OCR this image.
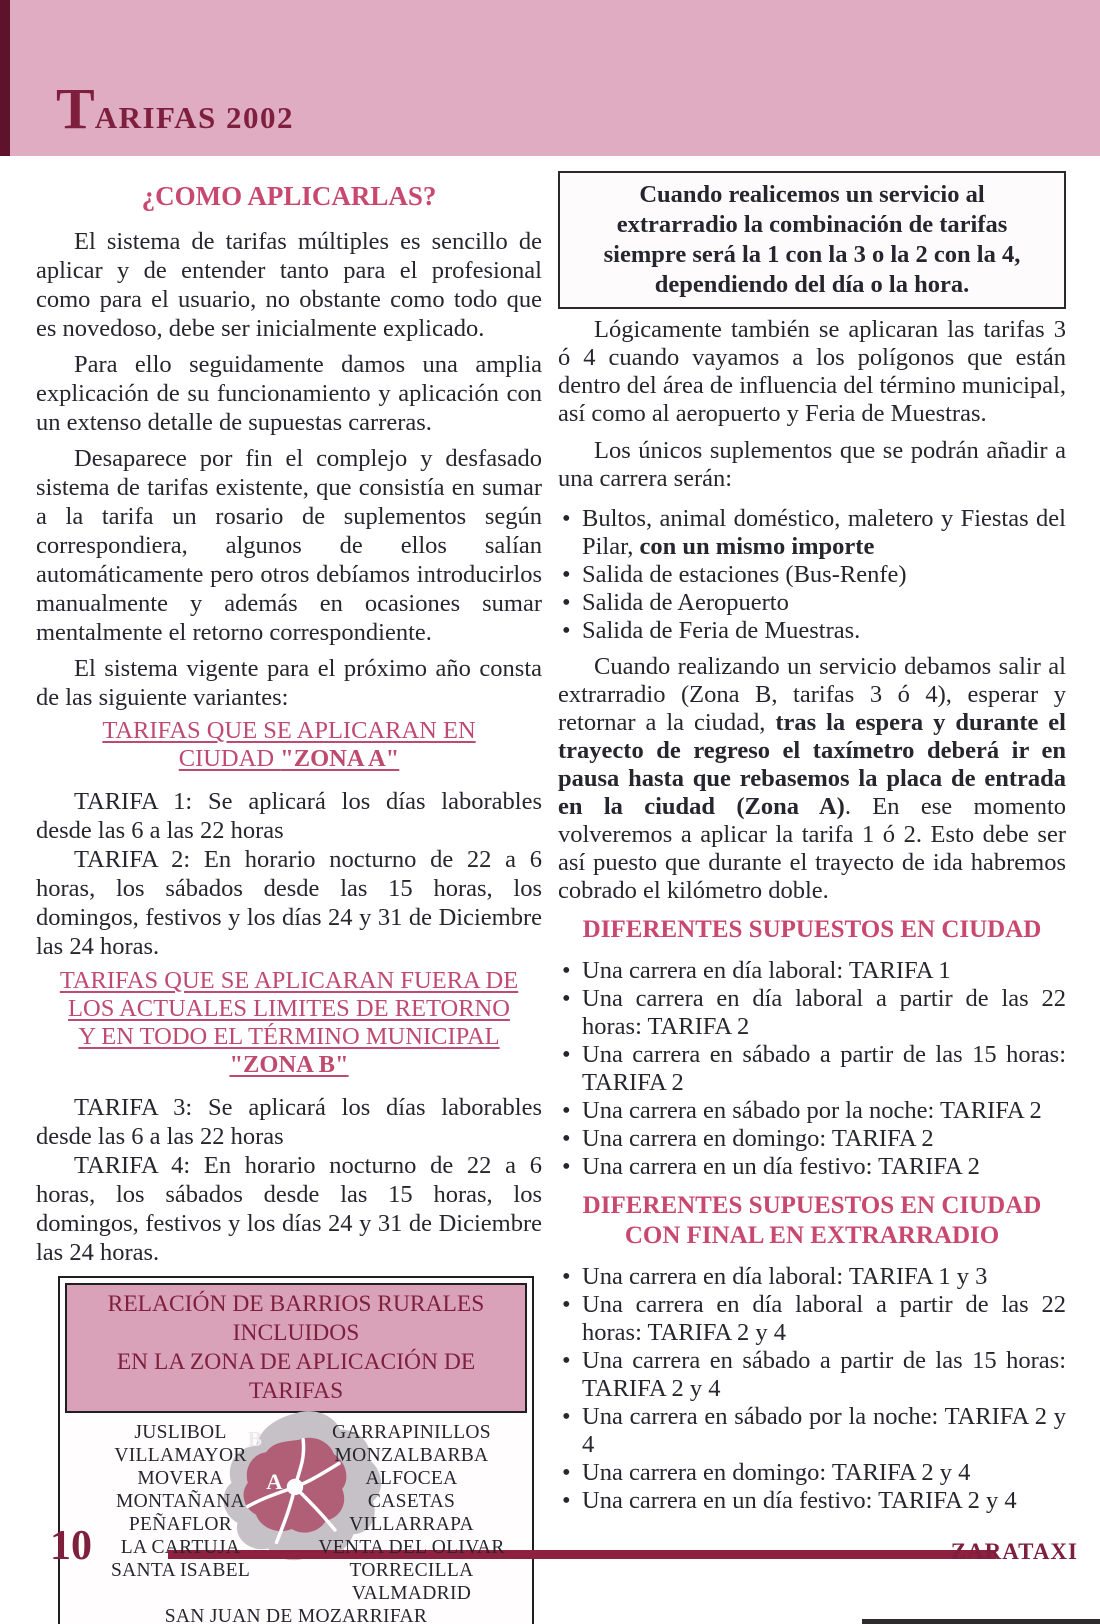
T ARIFAS 2002
¿COMO APLICARLAS?

El sistema de tarifas múltiples es sencillo de aplicar y de entender tanto para el profesional como para el usuario, no obstante como todo que es novedoso, debe ser inicialmente explicado.

Para ello seguidamente damos una amplia explicación de su funcionamiento y aplicación con un extenso detalle de supuestas carreras.

Desaparece por fin el complejo y desfasado sistema de tarifas existente, que consistía en sumar a la tarifa un rosario de suplementos según correspondiera, algunos de ellos salían automáticamente pero otros debíamos introducirlos manualmente y además en ocasiones sumar mentalmente el retorno correspondiente.

El sistema vigente para el próximo año consta de las siguiente variantes:

TARIFAS QUE SE APLICARAN EN
CIUDAD "ZONA A"

TARIFA 1: Se aplicará los días laborables desde las 6 a las 22 horas

TARIFA 2: En horario nocturno de 22 a 6 horas, los sábados desde las 15 horas, los domingos, festivos y los días 24 y 31 de Diciembre las 24 horas.

TARIFAS QUE SE APLICARAN FUERA DE
LOS ACTUALES LIMITES DE RETORNO
Y EN TODO EL TÉRMINO MUNICIPAL
"ZONA B"

TARIFA 3: Se aplicará los días laborables desde las 6 a las 22 horas

TARIFA 4: En horario nocturno de 22 a 6 horas, los sábados desde las 15 horas, los domingos, festivos y los días 24 y 31 de Diciembre las 24 horas.

RELACIÓN DE BARRIOS RURALES INCLUIDOS
EN LA ZONA DE APLICACIÓN DE TARIFAS
B
A
JUSLIBOL
VILLAMAYOR
MOVERA
MONTAÑANA
PEÑAFLOR
LA CARTUJA
SANTA ISABEL
GARRAPINILLOS
MONZALBARBA
ALFOCEA
CASETAS
VILLARRAPA
VENTA DEL OLIVAR
TORRECILLA VALMADRID
SAN JUAN DE MOZARRIFAR
Cuando realicemos un servicio al
extrarradio la combinación de tarifas
siempre será la 1 con la 3 o la 2 con la 4,
dependiendo del día o la hora.

Lógicamente también se aplicaran las tarifas 3 ó 4 cuando vayamos a los polígonos que están dentro del área de influencia del término municipal, así como al aeropuerto y Feria de Muestras.

Los únicos suplementos que se podrán añadir a una carrera serán:

• Bultos, animal doméstico, maletero y Fiestas del Pilar, con un mismo importe
• Salida de estaciones (Bus-Renfe)
• Salida de Aeropuerto
• Salida de Feria de Muestras.

Cuando realizando un servicio debamos salir al extrarradio (Zona B, tarifas 3 ó 4), esperar y retornar a la ciudad, tras la espera y durante el trayecto de regreso el taxímetro deberá ir en pausa hasta que rebasemos la placa de entrada en la ciudad (Zona A). En ese momento volveremos a aplicar la tarifa 1 ó 2. Esto debe ser así puesto que durante el trayecto de ida habremos cobrado el kilómetro doble.

DIFERENTES SUPUESTOS EN CIUDAD
• Una carrera en día laboral: TARIFA 1
• Una carrera en día laboral a partir de las 22 horas: TARIFA 2
• Una carrera en sábado a partir de las 15 horas: TARIFA 2
• Una carrera en sábado por la noche: TARIFA 2
• Una carrera en domingo: TARIFA 2
• Una carrera en un día festivo: TARIFA 2
DIFERENTES SUPUESTOS EN CIUDAD
CON FINAL EN EXTRARRADIO
• Una carrera en día laboral: TARIFA 1 y 3
• Una carrera en día laboral a partir de las 22 horas: TARIFA 2 y 4
• Una carrera en sábado a partir de las 15 horas: TARIFA 2 y 4
• Una carrera en sábado por la noche: TARIFA 2 y 4
• Una carrera en domingo: TARIFA 2 y 4
• Una carrera en un día festivo: TARIFA 2 y 4
10	ZARATAXI
